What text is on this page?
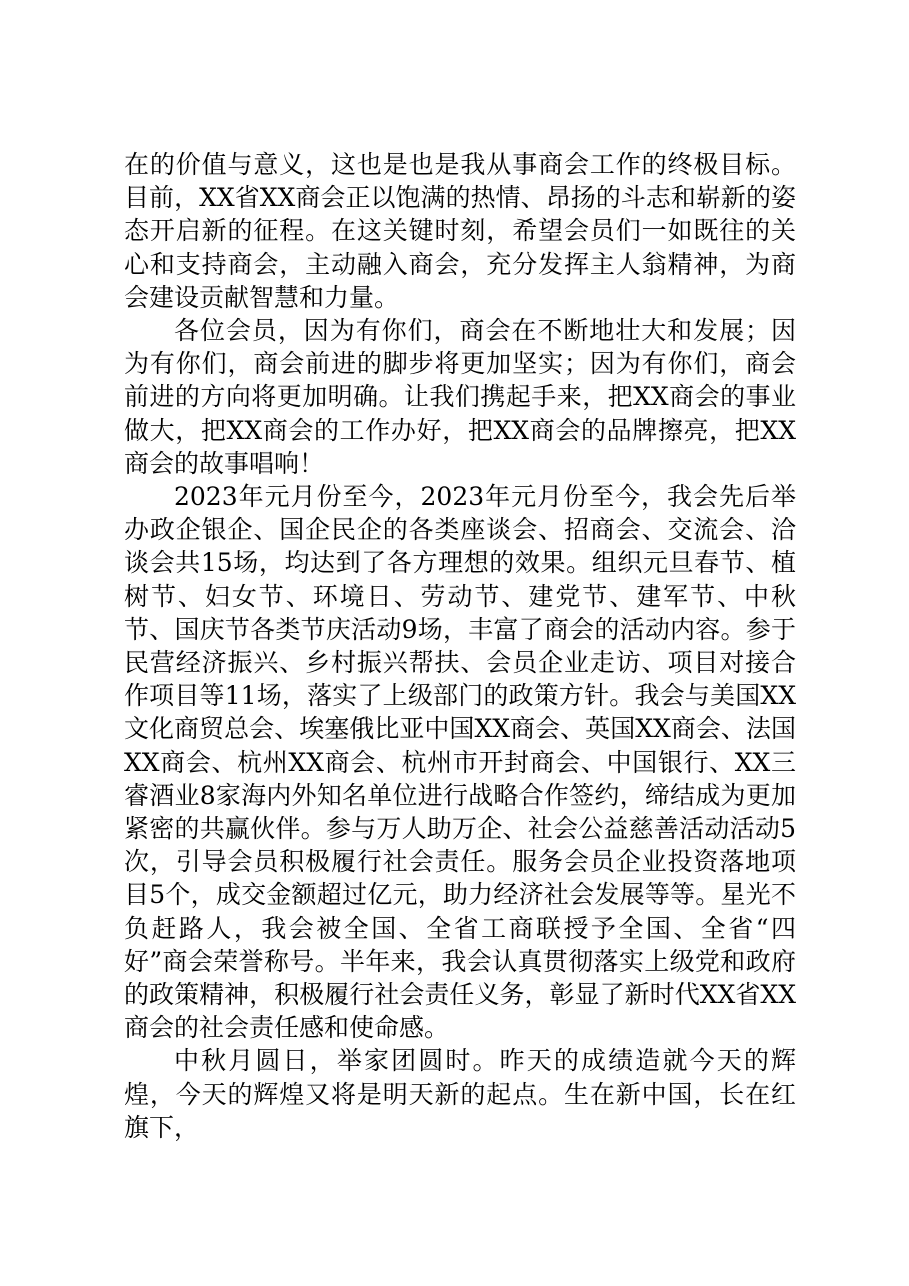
在的价值与意义，这也是也是我从事商会工作的终极目标。目前，XX省XX商会正以饱满的热情、昂扬的斗志和崭新的姿态开启新的征程。在这关键时刻，希望会员们一如既往的关心和支持商会，主动融入商会，充分发挥主人翁精神，为商会建设贡献智慧和力量。

各位会员，因为有你们，商会在不断地壮大和发展；因为有你们，商会前进的脚步将更加坚实；因为有你们，商会前进的方向将更加明确。让我们携起手来，把XX商会的事业做大，把XX商会的工作办好，把XX商会的品牌擦亮，把XX商会的故事唱响！

2023年元月份至今，2023年元月份至今，我会先后举办政企银企、国企民企的各类座谈会、招商会、交流会、洽谈会共15场，均达到了各方理想的效果。组织元旦春节、植树节、妇女节、环境日、劳动节、建党节、建军节、中秋节、国庆节各类节庆活动9场，丰富了商会的活动内容。参于民营经济振兴、乡村振兴帮扶、会员企业走访、项目对接合作项目等11场，落实了上级部门的政策方针。我会与美国XX文化商贸总会、埃塞俄比亚中国XX商会、英国XX商会、法国XX商会、杭州XX商会、杭州市开封商会、中国银行、XX三睿酒业8家海内外知名单位进行战略合作签约，缔结成为更加紧密的共赢伙伴。参与万人助万企、社会公益慈善活动活动5次，引导会员积极履行社会责任。服务会员企业投资落地项目5个，成交金额超过亿元，助力经济社会发展等等。星光不负赶路人，我会被全国、全省工商联授予全国、全省“四好”商会荣誉称号。半年来，我会认真贯彻落实上级党和政府的政策精神，积极履行社会责任义务，彰显了新时代XX省XX商会的社会责任感和使命感。

中秋月圆日，举家团圆时。昨天的成绩造就今天的辉煌，今天的辉煌又将是明天新的起点。生在新中国，长在红旗下，
